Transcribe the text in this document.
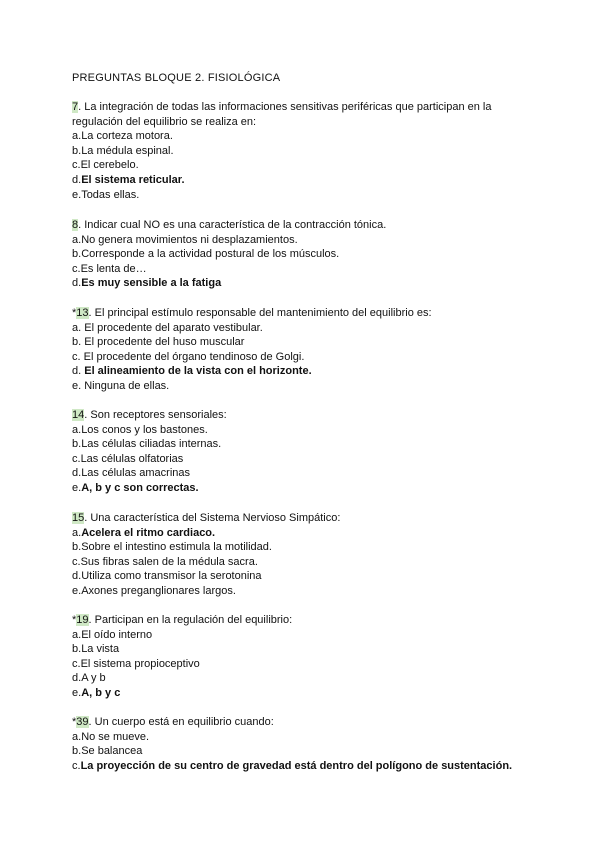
PREGUNTAS BLOQUE 2. FISIOLÓGICA
7. La integración de todas las informaciones sensitivas periféricas que participan en la
regulación del equilibrio se realiza en:
a.La corteza motora.
b.La médula espinal.
c.El cerebelo.
d.El sistema reticular.
e.Todas ellas.
8. Indicar cual NO es una característica de la contracción tónica.
a.No genera movimientos ni desplazamientos.
b.Corresponde a la actividad postural de los músculos.
c.Es lenta de…
d.Es muy sensible a la fatiga
*13. El principal estímulo responsable del mantenimiento del equilibrio es:
a. El procedente del aparato vestibular.
b. El procedente del huso muscular
c. El procedente del órgano tendinoso de Golgi.
d. El alineamiento de la vista con el horizonte.
e. Ninguna de ellas.
14. Son receptores sensoriales:
a.Los conos y los bastones.
b.Las células ciliadas internas.
c.Las células olfatorias
d.Las células amacrinas
e.A, b y c son correctas.
15. Una característica del Sistema Nervioso Simpático:
a.Acelera el ritmo cardiaco.
b.Sobre el intestino estimula la motilidad.
c.Sus fibras salen de la médula sacra.
d.Utiliza como transmisor la serotonina
e.Axones preganglionares largos.
*19. Participan en la regulación del equilibrio:
a.El oído interno
b.La vista
c.El sistema propioceptivo
d.A y b
e.A, b y c
*39. Un cuerpo está en equilibrio cuando:
a.No se mueve.
b.Se balancea
c.La proyección de su centro de gravedad está dentro del polígono de sustentación.
